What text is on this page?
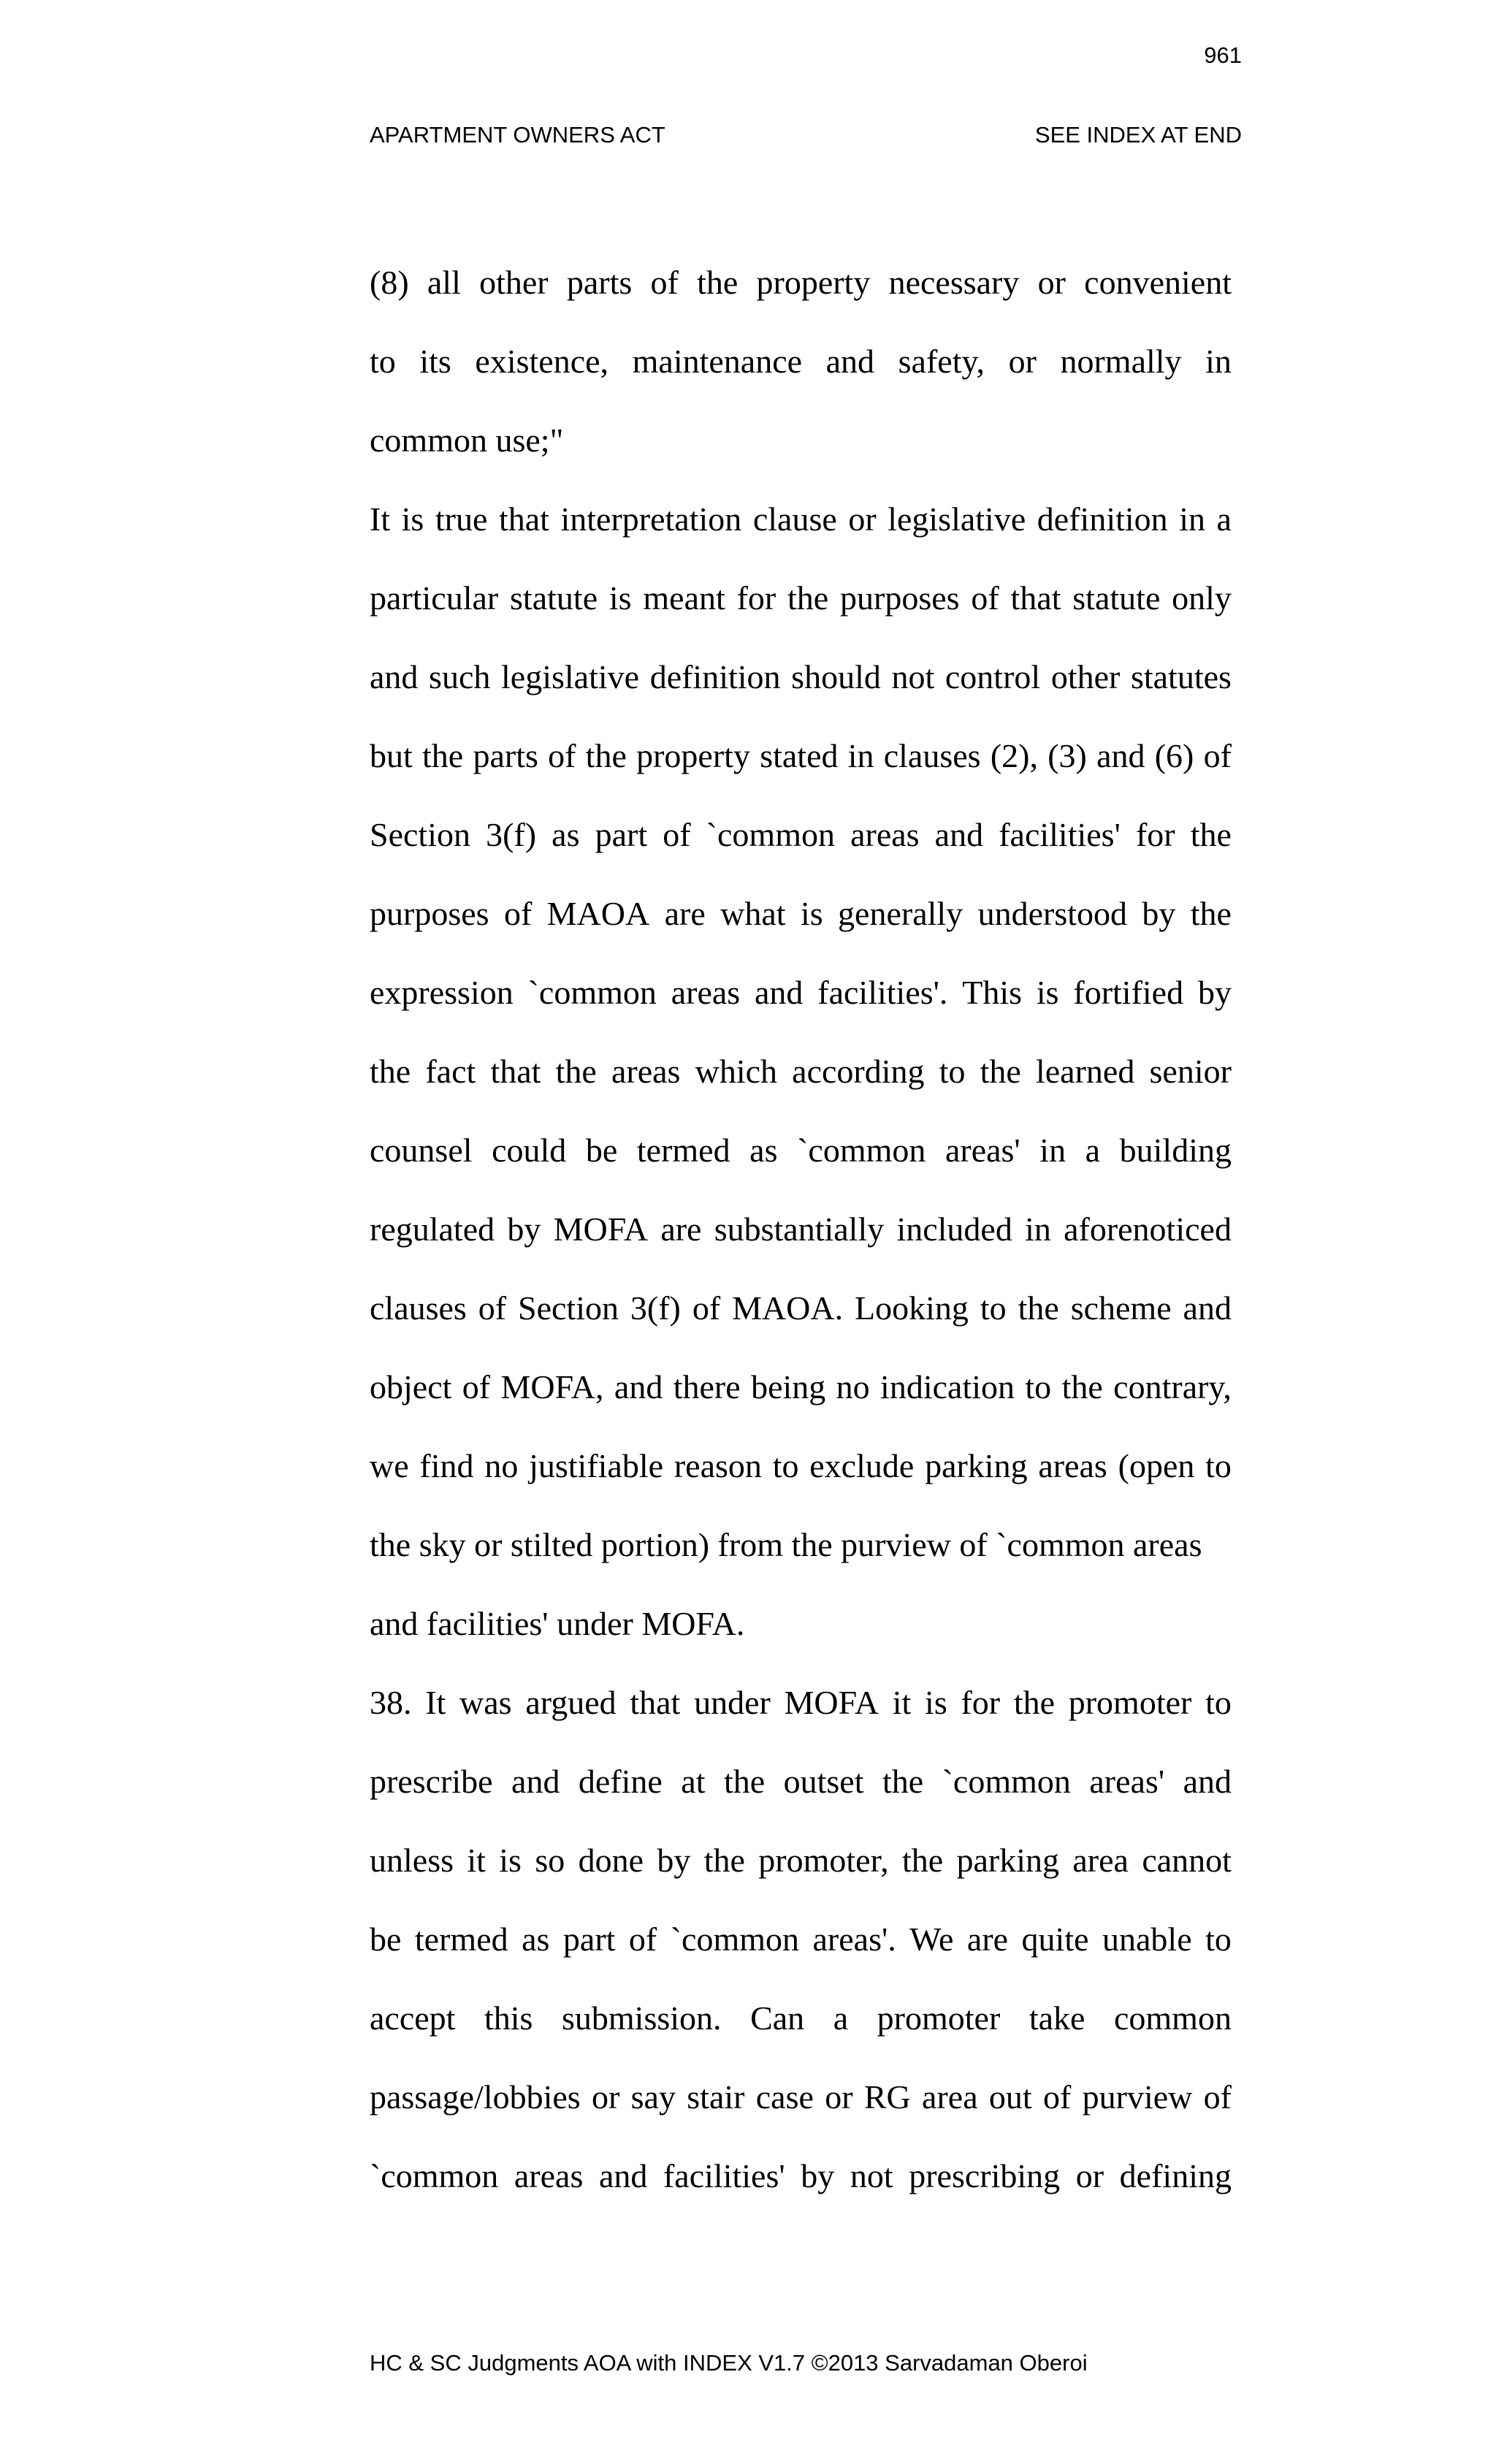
961
APARTMENT OWNERS ACT	SEE INDEX AT END
(8) all other parts of the property necessary or convenient
to its existence, maintenance and safety, or normally in
common use;"
It is true that interpretation clause or legislative definition in a
particular statute is meant for the purposes of that statute only
and such legislative definition should not control other statutes
but the parts of the property stated in clauses (2), (3) and (6) of
Section 3(f) as part of `common areas and facilities' for the
purposes of MAOA are what is generally understood by the
expression `common areas and facilities'. This is fortified by
the fact that the areas which according to the learned senior
counsel could be termed as `common areas' in a building
regulated by MOFA are substantially included in aforenoticed
clauses of Section 3(f) of MAOA. Looking to the scheme and
object of MOFA, and there being no indication to the contrary,
we find no justifiable reason to exclude parking areas (open to
the sky or stilted portion) from the purview of `common areas
and facilities' under MOFA.
38. It was argued that under MOFA it is for the promoter to
prescribe and define at the outset the `common areas' and
unless it is so done by the promoter, the parking area cannot
be termed as part of `common areas'. We are quite unable to
accept this submission. Can a promoter take common
passage/lobbies or say stair case or RG area out of purview of
`common areas and facilities' by not prescribing or defining
HC & SC Judgments AOA with INDEX V1.7 ©2013 Sarvadaman Oberoi
